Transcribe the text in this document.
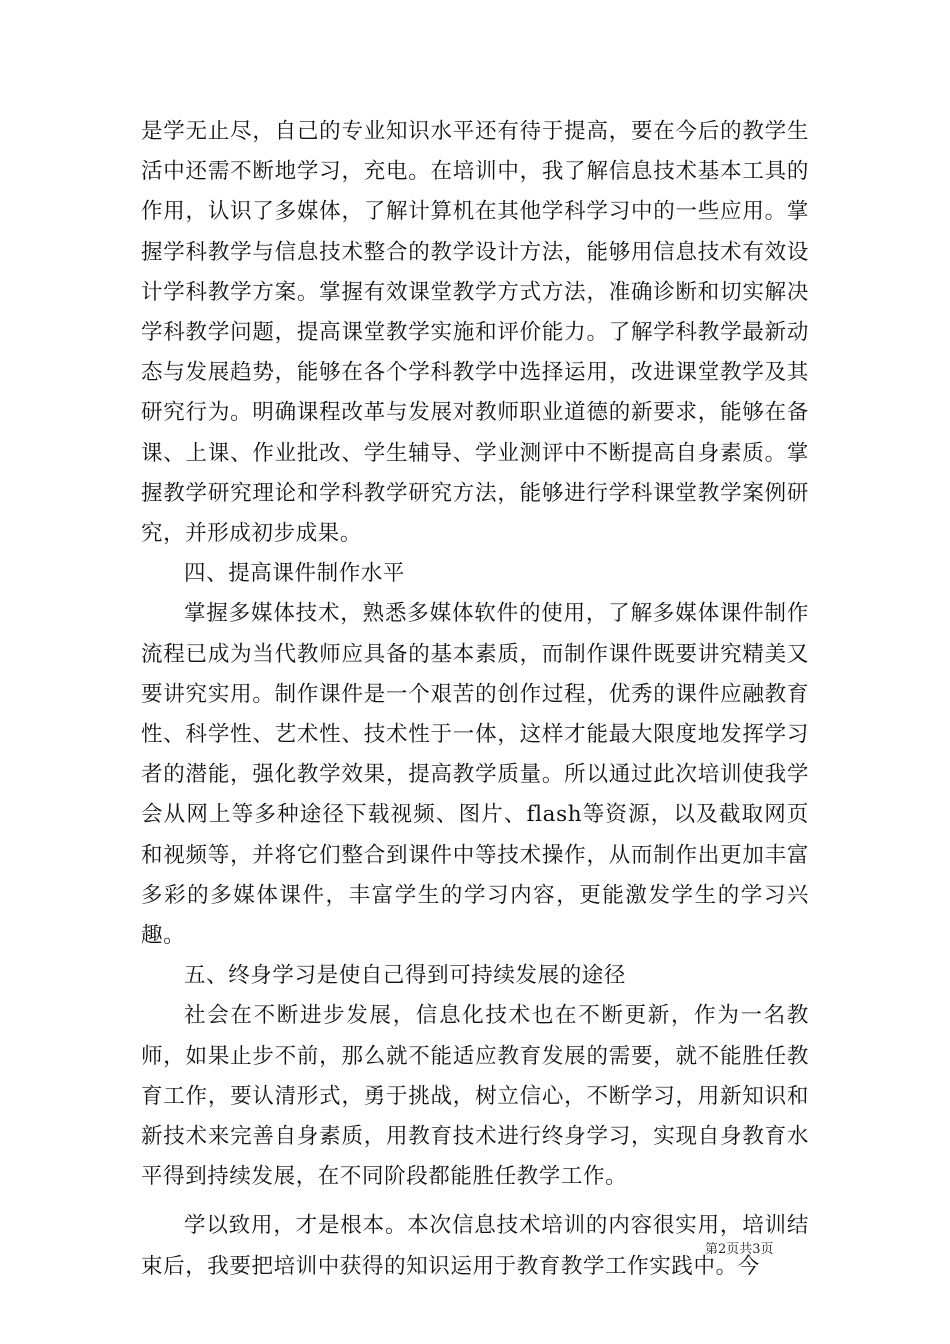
是学无止尽，自己的专业知识水平还有待于提高，要在今后的教学生活中还需不断地学习，充电。在培训中，我了解信息技术基本工具的作用，认识了多媒体，了解计算机在其他学科学习中的一些应用。掌握学科教学与信息技术整合的教学设计方法，能够用信息技术有效设计学科教学方案。掌握有效课堂教学方式方法，准确诊断和切实解决学科教学问题，提高课堂教学实施和评价能力。了解学科教学最新动态与发展趋势，能够在各个学科教学中选择运用，改进课堂教学及其研究行为。明确课程改革与发展对教师职业道德的新要求，能够在备课、上课、作业批改、学生辅导、学业测评中不断提高自身素质。掌握教学研究理论和学科教学研究方法，能够进行学科课堂教学案例研究，并形成初步成果。

四、提高课件制作水平

掌握多媒体技术，熟悉多媒体软件的使用，了解多媒体课件制作流程已成为当代教师应具备的基本素质，而制作课件既要讲究精美又要讲究实用。制作课件是一个艰苦的创作过程，优秀的课件应融教育性、科学性、艺术性、技术性于一体，这样才能最大限度地发挥学习者的潜能，强化教学效果，提高教学质量。所以通过此次培训使我学会从网上等多种途径下载视频、图片、flash等资源，以及截取网页和视频等，并将它们整合到课件中等技术操作，从而制作出更加丰富多彩的多媒体课件，丰富学生的学习内容，更能激发学生的学习兴趣。

五、终身学习是使自己得到可持续发展的途径

社会在不断进步发展，信息化技术也在不断更新，作为一名教师，如果止步不前，那么就不能适应教育发展的需要，就不能胜任教育工作，要认清形式，勇于挑战，树立信心，不断学习，用新知识和新技术来完善自身素质，用教育技术进行终身学习，实现自身教育水平得到持续发展，在不同阶段都能胜任教学工作。

学以致用，才是根本。本次信息技术培训的内容很实用，培训结束后，我要把培训中获得的知识运用于教育教学工作实践中。今

第2页共3页
